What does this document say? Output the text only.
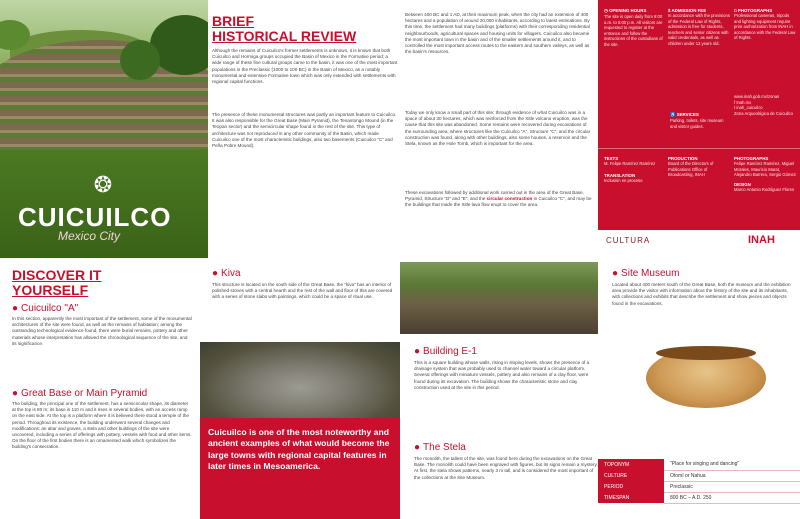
❂
CUICUILCO
Mexico City
BRIEF
HISTORICAL REVIEW

Although the remains of Cuicuilco's former settlements is unknown, it is known that both Cuicuilco and Hormiga groups occupied the Basin of Mexico in the Formative period; a wide range of these fine cultural groups came to the basin, it was one of the most important populations in the Preclassic (1000 to 100 BC) in the Basin of Mexico, as a notably monumental and extensive Formative town which was only extended with settlements with regional capital functions.

The presence of these monumental structures was partly an important feature to Cuicuilco. It was also responsible for the Great Base (Main Pyramid), the Tenantongo Mound (in the Teopan sector) and the semicircular shape found in the rest of the site. This type of architecture was not reproduced in any other community of the Basin, which made Cuicuilco one of the most characteristic buildings, also two basements (Cuicuilco "C" and Peña Pobre Mound).

Between 400 BC and 1 AD, at their maximum peak, when the city had an extension of 400 hectares and a population of around 20,000 inhabitants, according to latest estimations. By this time, the settlement had many buildings (platforms) with their corresponding residential neighbourhoods, agricultural spaces and housing units for villagers. Cuicuilco also became the most important town in the basin and of the smaller settlements around it, and to controlled the most important access routes to the eastern and southern valleys, as well as the basin's resources.

Today we only know a small part of this site; through evidence of what Cuicuilco was in a space of about 30 hectares, which was reinforced from the Xitle volcano eruption, was the cause that this site was abandoned. Some remains were recovered during excavations of the surrounding area, where structures like the Cuicuilco "A", Structure "C", and the circular construction was found, along with other buildings, also some houses, a reservoir and the Stela, known as the Hole Tomb, which is important for the area.

These excavations followed by additional work carried out in the area of the Great Base, Pyramid, Structure "D" and "E", and the circular construction in Cuicuilco "C", and may be the buildings that made the Xitle lava flow erupt to cover the area.

◷ OPENING HOURS
The site is open daily from 9:00 a.m. to 5:00 p.m. All visitors are requested to register at the entrance and follow the instructions of the custodians of the site.
$ ADMISSION FEE
In accordance with the provisions of the Federal Law of Rights, admission is free for students, teachers and senior citizens with valid credentials, as well as children under 13 years old.
◘ PHOTOGRAPHS
Professional cameras, tripods and lighting equipment require prior authorization from INAH in accordance with the Federal Law of Rights.
♿ SERVICES
Parking, toilets, site museum and visitor guides.
www.inah.gob.mx/zonas
f Inah.mx
t inah_cuicuilco
Zona Arqueológica de Cuicuilco
TEXTS
M. Felipe Ramírez Ramírez
TRANSLATION
Inclusión en proceso
PRODUCTION
Board of the Directors of Publications Office of Broadcasting, INAH
PHOTOGRAPHS
Felipe Ramírez Ramírez, Miguel Morales, Mauricio Marat, Alejandro Barrera, Sergio Gómez
DESIGN
Marco Antonio Rodríguez Flores
CULTURA	INAH
DISCOVER IT
YOURSELF
● Cuicuilco "A"

In this section, apparently the most important of the settlement, some of the monumental architectures of the site were found, as well as the remains of habitation; among the outstanding technological evidence found, there were burial remains, pottery and other materials whose interpretation has allowed the chronological sequence of the site, and its significance.

● Great Base or Main Pyramid

The building, the principal one of the settlement, has a semicircular shape, its diameter at the top is 80 m; its base is 110 m and it rises in several bodies, with an access ramp on the east side. At the top is a platform where it is believed there stood a temple of the period. Throughout its existence, the building underwent several changes and modifications: an altar and graves, a stela and other buildings of the site were uncovered, including a series of offerings with pottery, vessels with food and other items. On the floor of the first bodies there is an ornamented walk which symbolizes the building's consecration.

● Kiva

This structure is located on the south side of the Great Base, the "kiva" has an interior of polished stones with a central hearth and the rest of the wall and floor of this are covered with a series of stone slabs with paintings, which could be a space of ritual use.

Cuicuilco is one of the most noteworthy and ancient examples of what would become the large towns with regional capital features in later times in Mesoamerica.
● Building E-1

This is a square building whose walls, rising in sloping levels, shows the presence of a drainage system that was probably used to channel water toward a circular platform. Several offerings with miniature vessels, pottery and also remains of a clay floor, were found during its excavation. The building shows the characteristic stone and clay construction used at the site in this period.

● The Stela

The monolith, the tallest of the site, was found here during the excavations on the Great Base. The monolith could have been engraved with figures, but its signs remain a mystery. At first, the stela shows patterns, nearly 3 m tall, and is considered the most important of the collections at the Site Museum.

● Site Museum

Located about 400 meters south of the Great Base, both the museum and the exhibition area provide the visitor with information about the history of the site and its inhabitants, with collections and exhibits that describe the settlement and show pieces and objects found in the excavations.

TOPONYM	"Place for singing and dancing"
CULTURE	Otomí or Nahua
PERIOD	Preclassic
TIMESPAN	800 BC – A.D. 250
